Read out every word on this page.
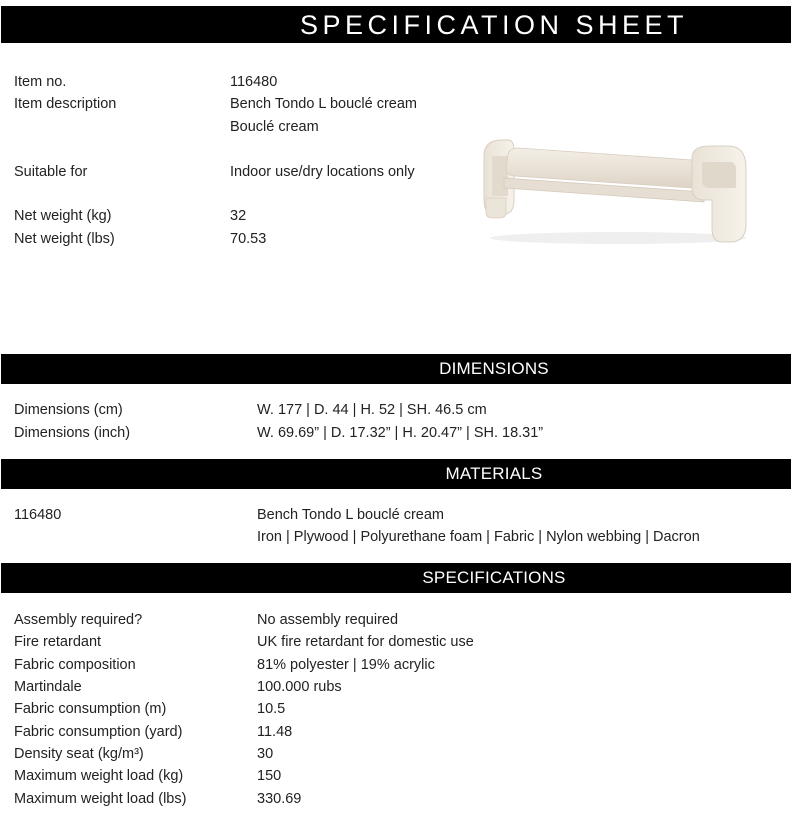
SPECIFICATION SHEET
Item no.	116480
Item description	Bench Tondo L bouclé cream
Bouclé cream
Suitable for	Indoor use/dry locations only
Net weight (kg)	32
Net weight (lbs)	70.53
DIMENSIONS
Dimensions (cm)	W. 177 | D. 44 | H. 52 | SH. 46.5 cm
Dimensions (inch)	W. 69.69” | D. 17.32” | H. 20.47” | SH. 18.31”
MATERIALS
116480	Bench Tondo L bouclé cream
Iron | Plywood | Polyurethane foam | Fabric | Nylon webbing | Dacron
SPECIFICATIONS
Assembly required?	No assembly required
Fire retardant	UK fire retardant for domestic use
Fabric composition	81% polyester | 19% acrylic
Martindale	100.000 rubs
Fabric consumption (m)	10.5
Fabric consumption (yard)	11.48
Density seat (kg/m³)	30
Maximum weight load (kg)	150
Maximum weight load (lbs)	330.69
